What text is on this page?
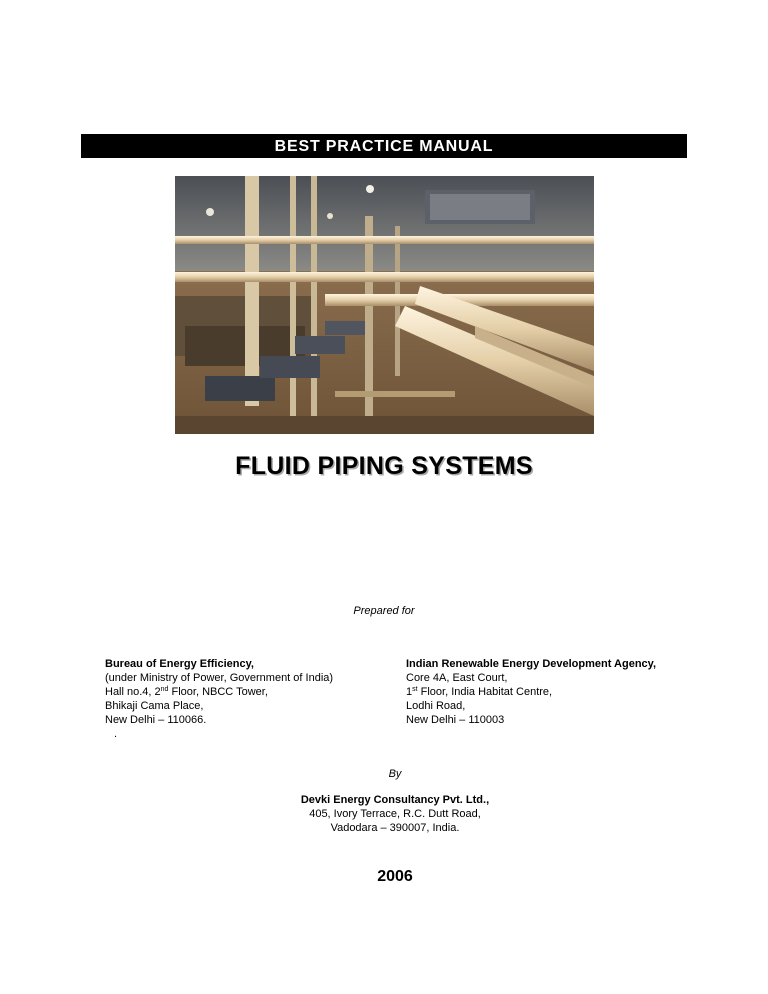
BEST PRACTICE MANUAL
FLUID PIPING SYSTEMS
Prepared for
Bureau of Energy Efficiency,
(under Ministry of Power, Government of India)
Hall no.4, 2nd Floor, NBCC Tower,
Bhikaji Cama Place,
New Delhi – 110066.
.
Indian Renewable Energy Development Agency,
Core 4A, East Court,
1st Floor, India Habitat Centre,
Lodhi Road,
New Delhi – 110003
By
Devki Energy Consultancy Pvt. Ltd.,
405, Ivory Terrace, R.C. Dutt Road,
Vadodara – 390007, India.
2006
